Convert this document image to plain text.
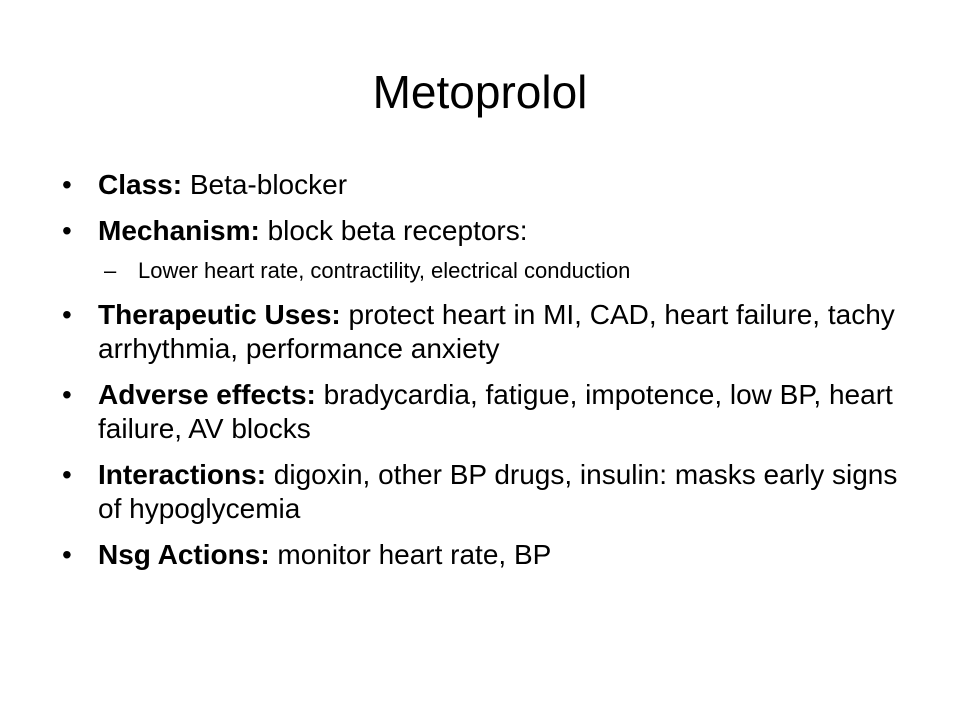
Metoprolol
• Class: Beta-blocker
• Mechanism: block beta receptors:
– Lower heart rate, contractility, electrical conduction
• Therapeutic Uses: protect heart in MI, CAD, heart failure, tachy arrhythmia, performance anxiety
• Adverse effects: bradycardia, fatigue, impotence, low BP, heart failure, AV blocks
• Interactions: digoxin, other BP drugs, insulin: masks early signs of hypoglycemia
• Nsg Actions: monitor heart rate, BP
